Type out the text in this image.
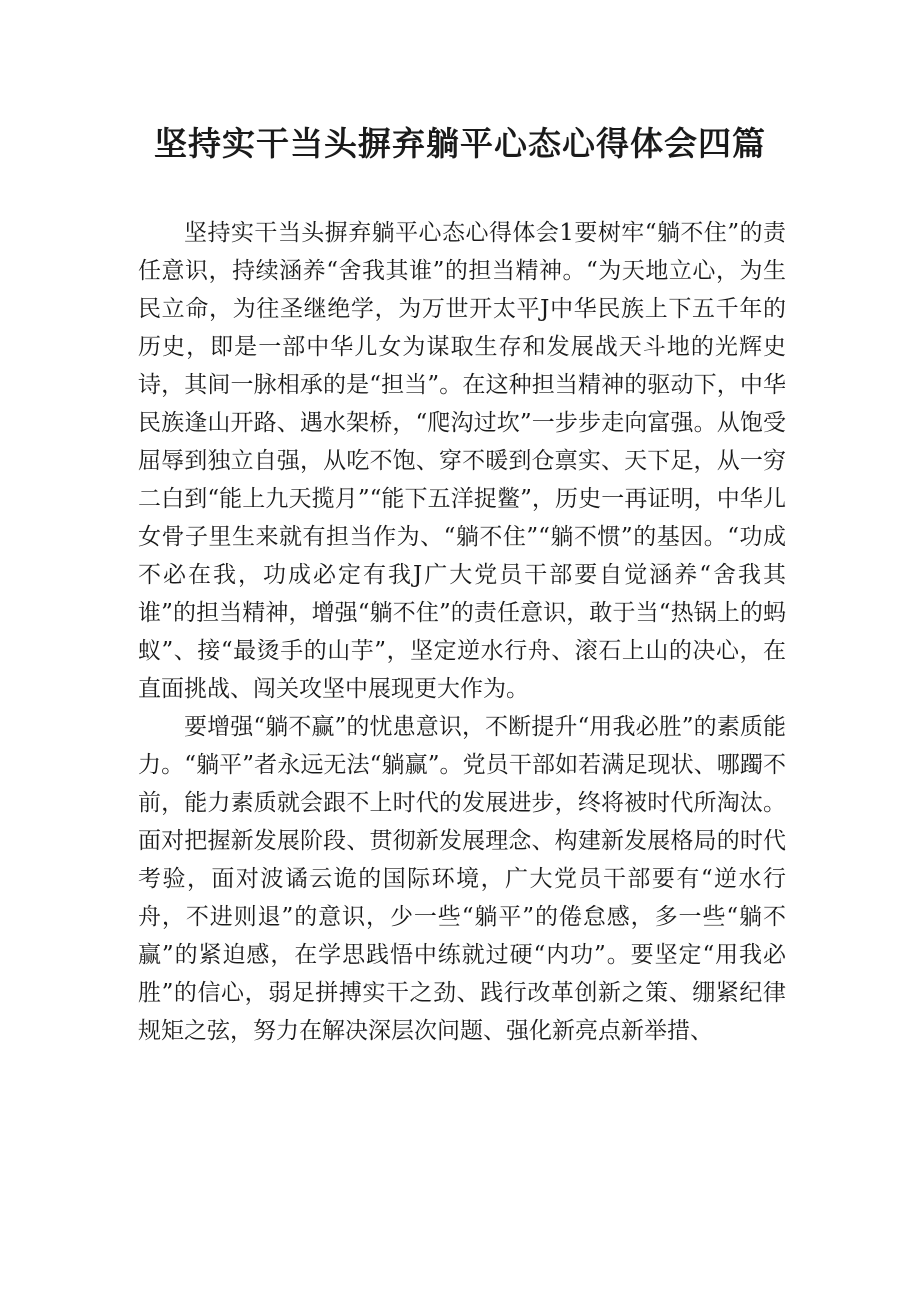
坚持实干当头摒弃躺平心态心得体会四篇

坚持实干当头摒弃躺平心态心得体会1要树牢“躺不住”的责任意识，持续涵养“舍我其谁”的担当精神。“为天地立心，为生民立命，为往圣继绝学，为万世开太平J中华民族上下五千年的历史，即是一部中华儿女为谋取生存和发展战天斗地的光辉史诗，其间一脉相承的是“担当”。在这种担当精神的驱动下，中华民族逢山开路、遇水架桥，“爬沟过坎”一步步走向富强。从饱受屈辱到独立自强，从吃不饱、穿不暖到仓禀实、天下足，从一穷二白到“能上九天揽月”“能下五洋捉鳖”，历史一再证明，中华儿女骨子里生来就有担当作为、“躺不住”“躺不惯”的基因。“功成不必在我，功成必定有我J广大党员干部要自觉涵养“舍我其谁”的担当精神，增强“躺不住”的责任意识，敢于当“热锅上的蚂蚁”、接“最烫手的山芋”，坚定逆水行舟、滚石上山的决心，在直面挑战、闯关攻坚中展现更大作为。

要增强“躺不赢”的忧患意识，不断提升“用我必胜”的素质能力。“躺平”者永远无法“躺赢”。党员干部如若满足现状、哪躅不前，能力素质就会跟不上时代的发展进步，终将被时代所淘汰。面对把握新发展阶段、贯彻新发展理念、构建新发展格局的时代考验，面对波谲云诡的国际环境，广大党员干部要有“逆水行舟，不进则退”的意识，少一些“躺平”的倦怠感，多一些“躺不赢”的紧迫感，在学思践悟中练就过硬“内功”。要坚定“用我必胜”的信心，弱足拼搏实干之劲、践行改革创新之策、绷紧纪律规矩之弦，努力在解决深层次问题、强化新亮点新举措、
